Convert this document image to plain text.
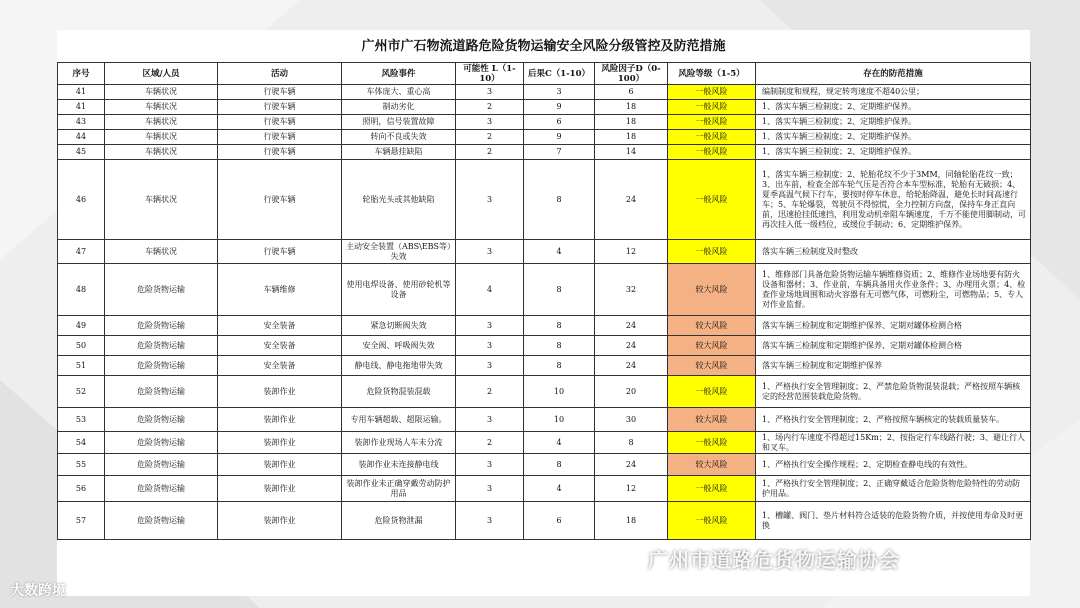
广州市广石物流道路危险货物运输安全风险分级管控及防范措施
序号	区域/人员	活动	风险事件	可能性 L（1-10）	后果C（1-10）	风险因子D（0-100）	风险等级（1-5）	存在的防范措施
41	车辆状况	行驶车辆	车体庞大、重心高	3	3	6	一般风险	编制制度和规程，规定转弯速度不超40公里；
41	车辆状况	行驶车辆	制动劣化	2	9	18	一般风险	1、落实车辆三检制度；2、定期维护保养。
43	车辆状况	行驶车辆	照明，信号装置故障	3	6	18	一般风险	1、落实车辆三检制度；2、定期维护保养。
44	车辆状况	行驶车辆	转向不良或失效	2	9	18	一般风险	1、落实车辆三检制度；2、定期维护保养。
45	车辆状况	行驶车辆	车辆悬挂缺陷	2	7	14	一般风险	1、落实车辆三检制度；2、定期维护保养。
46	车辆状况	行驶车辆	轮胎光头或其他缺陷	3	8	24	一般风险	1、落实车辆三检制度；2、轮胎花纹不少于3MM，同轴轮胎花纹一致；3、出车前，检查全部车轮气压是否符合本车型标准，轮胎有无破损；4、夏季高温气候下行车，要按时停车休息，给轮胎降温，避免长时间高速行车；5、车轮爆裂，驾驶员不得惊慌，全力控制方向盘，保持车身正直向前，迅速抢挂低速挡，利用发动机牵阻车辆速度，千万不能使用脚制动，可再次挂入低一级档位，或缓位手制动；6、定期维护保养。
47	车辆状况	行驶车辆	主动安全装置（ABS\EBS等）失效	3	4	12	一般风险	落实车辆三检制度及时整改
48	危险货物运输	车辆维修	使用电焊设备、使用砂轮机等设备	4	8	32	较大风险	1、维修部门具备危险货物运输车辆维修资质；2、维修作业场地要有防火设备和器材；3、作业前，车辆具备用火作业条件；3、办理用火票；4、检查作业场地周围和动火容器有无可燃气体，可燃粉尘，可燃物品；5、专人对作业监督。
49	危险货物运输	安全装备	紧急切断阀失效	3	8	24	较大风险	落实车辆三检制度和定期维护保养、定期对罐体检测合格
50	危险货物运输	安全装备	安全阀、呼吸阀失效	3	8	24	较大风险	落实车辆三检制度和定期维护保养、定期对罐体检测合格
51	危险货物运输	安全装备	静电线、静电拖地带失效	3	8	24	较大风险	落实车辆三检制度和定期维护保养
52	危险货物运输	装卸作业	危险货物混装混载	2	10	20	一般风险	1、严格执行安全管理制度；2、严禁危险货物混装混载；严格按照车辆核定的经营范围装载危险货物。
53	危险货物运输	装卸作业	专用车辆超载、超限运输。	3	10	30	较大风险	1、严格执行安全管理制度；2、严格按照车辆核定的装载质量装车。
54	危险货物运输	装卸作业	装卸作业现场人车未分流	2	4	8	一般风险	1、场内行车速度不得超过15Km；2、按指定行车线路行驶；3、避让行人和叉车。
55	危险货物运输	装卸作业	装卸作业未连接静电线	3	8	24	较大风险	1、严格执行安全操作规程；2、定期检查静电线的有效性。
56	危险货物运输	装卸作业	装卸作业未正确穿戴劳动防护用品	3	4	12	一般风险	1、严格执行安全管理制度；2、正确穿戴适合危险货物危险特性的劳动防护用品。
57	危险货物运输	装卸作业	危险货物泄漏	3	6	18	一般风险	1、槽罐、阀门、垫片材料符合适装的危险货物介质，并按使用寿命及时更换
大数跨境
广州市道路危货物运输协会
